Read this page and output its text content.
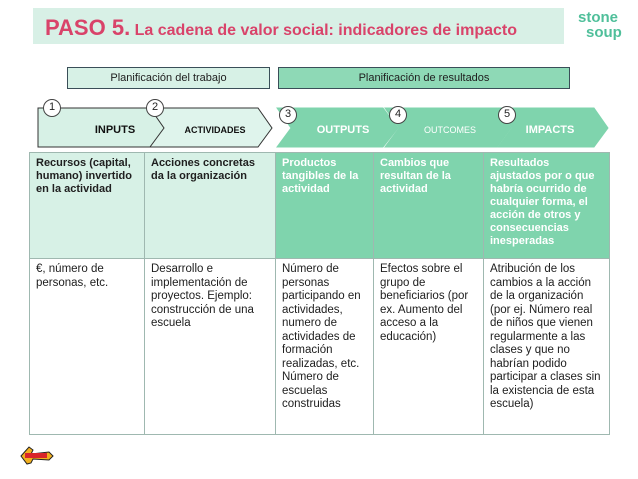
PASO 5. La cadena de valor social: indicadores de impacto
stone
soup
Planificación del trabajo	Planificación de resultados
INPUTS	ACTIVIDADES	OUTPUTS	OUTCOMES	IMPACTS
1	2
3	4	5
Recursos (capital, humano) invertido en la actividad	Acciones concretas da la organización	Productos tangibles de la actividad	Cambios que resultan de la actividad	Resultados ajustados por o que habría ocurrido de cualquier forma, el acción de otros y consecuencias inesperadas
€, número de personas, etc.	Desarrollo e implementación de proyectos. Ejemplo: construcción de una escuela	Número de personas participando en actividades, numero de actividades de formación realizadas, etc. Número de escuelas construidas	Efectos sobre el grupo de beneficiarios (por ex. Aumento del acceso a la educación)	Atribución de los cambios a la acción de la organización (por ej. Número real de niños que vienen regularmente a las clases y que no habrían podido participar a clases sin la existencia de esta escuela)
